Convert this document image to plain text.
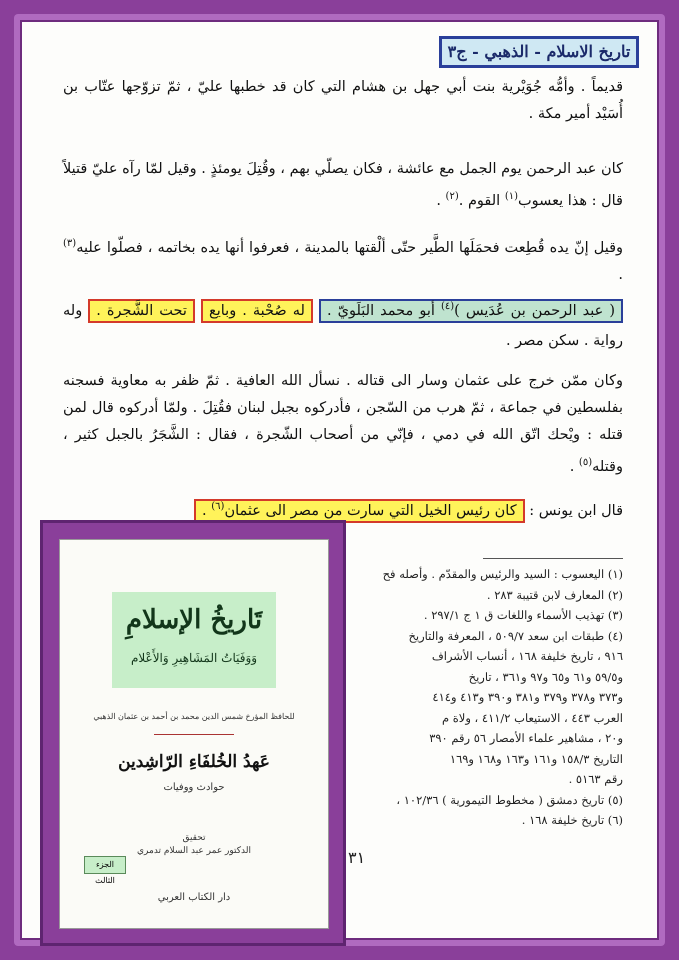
تاريخ الاسلام - الذهبي - ج٣

قديماً . وأمُّه جُوَيْرية بنت أبي جهل بن هشام التي كان قد خطبها عليّ ، ثمّ تزوّجها عتّاب بن أُسَيْد أمير مكة .

كان عبد الرحمن يوم الجمل مع عائشة ، فكان يصلّي بهم ، وقُتِلَ يومئذٍ . وقيل لمّا رآه عليّ قتيلاً قال : هذا يعسوب$^{(١)}$ القوم .$^{(٢)}$ .

وقيل إنّ يده قُطِعت فحمَلَها الطَّير حتّى ألْقتها بالمدينة ، فعرفوا أنها يده بخاتمه ، فصلّوا عليه$^{(٣)}$ .

( عبد الرحمن بن عُدَيس )$^{(٤)}$ أبو محمد البَلَويّ . له صُحْبة . وبايع تحت الشَّجرة . وله رواية . سكن مصر .

وكان ممّن خرج على عثمان وسار الى قتاله . نسأل الله العافية . ثمّ ظفر به معاوية فسجنه بفلسطين في جماعة ، ثمّ هرب من السّجن ، فأدركوه بجبل لبنان فقُتِلَ . ولمّا أدركوه قال لمن قتله : ويْحك اتّق الله في دمي ، فإنّي من أصحاب الشّجرة ، فقال : الشَّجَرُ بالجبل كثير ، وقتله$^{(٥)}$ .

قال ابن يونس : كان رئيس الخيل التي سارت من مصر الى عثمان$^{(٦)}$ .

(١) اليعسوب : السيد والرئيس والمقدّم . وأصله فح
(٢) المعارف لابن قتيبة ٢٨٣ .
(٣) تهذيب الأسماء واللغات ق ١ ج ٢٩٧/١ .
(٤) طبقات ابن سعد ٥٠٩/٧ ، المعرفة والتاريخ
٩١٦ ، تاريخ خليفة ١٦٨ ، أنساب الأشراف
و٥٩/٥ و٦١ و٦٥ و٩٧ و٣٦١ ، تاريخ
و٣٧٣ و٣٧٨ و٣٧٩ و٣٨١ و٣٩٠ و٤١٣ و٤١٤
العرب ٤٤٣ ، الاستيعاب ٤١١/٢ ، ولاة م
و٢٠ ، مشاهير علماء الأمصار ٥٦ رقم ٣٩٠
التاريخ ١٥٨/٣ و١٦١ و١٦٣ و١٦٨ و١٦٩
رقم ٥١٦٣ .
(٥) تاريخ دمشق ( مخطوط التيمورية ) ١٠٢/٣٦ ،
(٦) تاريخ خليفة ١٦٨ .
٣١
تَاريخُ الإسلامِ
وَوَفَيَاتُ المَشَاهِيرِ وَالأَعْلام
للحافظ المؤرخ شمس الدين محمد بن أحمد بن عثمان الذهبي
عَهدُ الخُلفَاءِ الرّاشِدين
حوادث ووفيات
تحقيق
الدكتور عمر عبد السلام تدمري
الجزء الثالث
دار الكتاب العربي
